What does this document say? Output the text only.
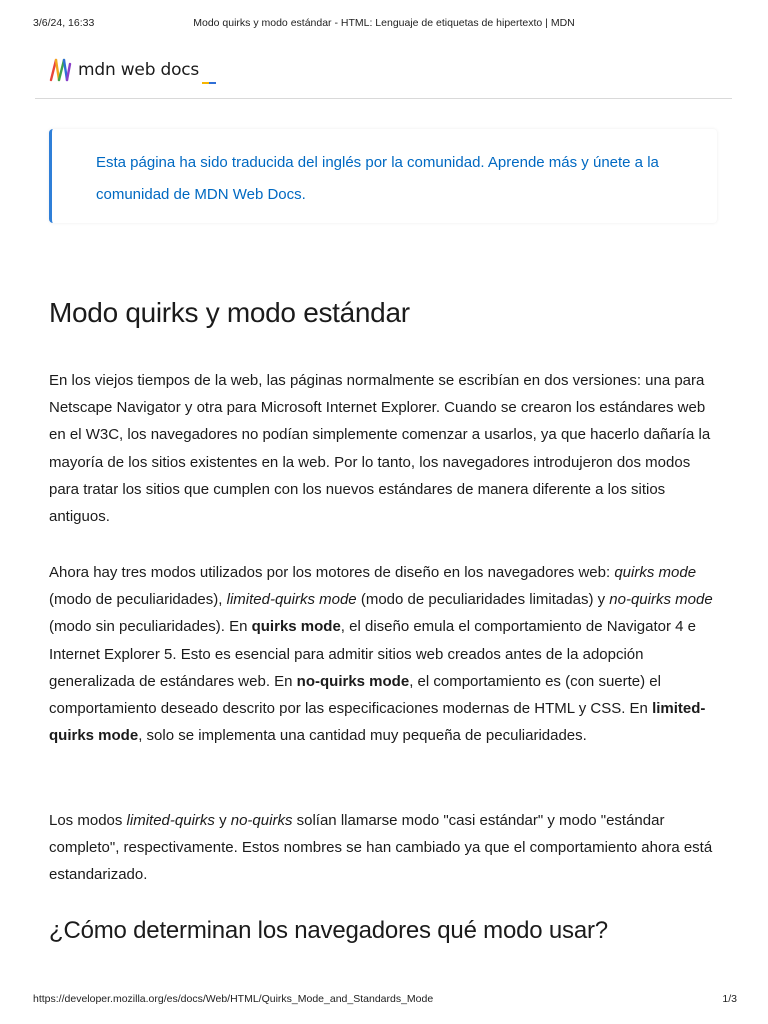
3/6/24, 16:33	Modo quirks y modo estándar - HTML: Lenguaje de etiquetas de hipertexto | MDN
mdn web docs

Esta página ha sido traducida del inglés por la comunidad. Aprende más y únete a la comunidad de MDN Web Docs.

Modo quirks y modo estándar

En los viejos tiempos de la web, las páginas normalmente se escribían en dos versiones: una para Netscape Navigator y otra para Microsoft Internet Explorer. Cuando se crearon los estándares web en el W3C, los navegadores no podían simplemente comenzar a usarlos, ya que hacerlo dañaría la mayoría de los sitios existentes en la web. Por lo tanto, los navegadores introdujeron dos modos para tratar los sitios que cumplen con los nuevos estándares de manera diferente a los sitios antiguos.

Ahora hay tres modos utilizados por los motores de diseño en los navegadores web: quirks mode (modo de peculiaridades), limited-quirks mode (modo de peculiaridades limitadas) y no-quirks mode (modo sin peculiaridades). En quirks mode, el diseño emula el comportamiento de Navigator 4 e Internet Explorer 5. Esto es esencial para admitir sitios web creados antes de la adopción generalizada de estándares web. En no-quirks mode, el comportamiento es (con suerte) el comportamiento deseado descrito por las especificaciones modernas de HTML y CSS. En limited-quirks mode, solo se implementa una cantidad muy pequeña de peculiaridades.

Los modos limited-quirks y no-quirks solían llamarse modo "casi estándar" y modo "estándar completo", respectivamente. Estos nombres se han cambiado ya que el comportamiento ahora está estandarizado.

¿Cómo determinan los navegadores qué modo usar?
https://developer.mozilla.org/es/docs/Web/HTML/Quirks_Mode_and_Standards_Mode	1/3
